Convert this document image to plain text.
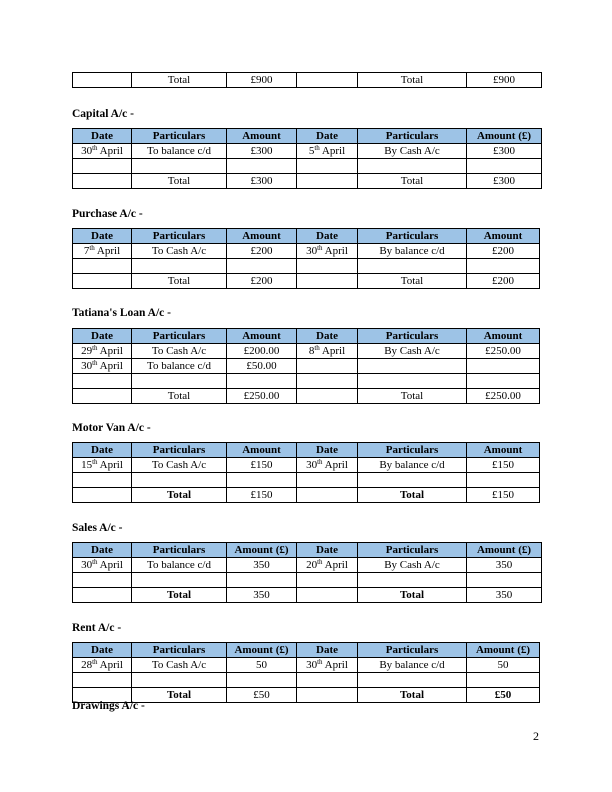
	Total	£900		Total	£900
Capital A/c -
Date	Particulars	Amount	Date	Particulars	Amount (£)
30th April	To balance c/d	£300	5th April	By Cash A/c	£300

	Total	£300		Total	£300
Purchase A/c -
Date	Particulars	Amount	Date	Particulars	Amount
7th April	To Cash A/c	£200	30th April	By balance c/d	£200

	Total	£200		Total	£200
Tatiana's Loan A/c -
Date	Particulars	Amount	Date	Particulars	Amount
29th April	To Cash A/c	£200.00	8th April	By Cash A/c	£250.00
30th April	To balance c/d	£50.00			

	Total	£250.00		Total	£250.00
Motor Van A/c -
Date	Particulars	Amount	Date	Particulars	Amount
15th April	To Cash A/c	£150	30th April	By balance c/d	£150

	Total	£150		Total	£150
Sales A/c -
Date	Particulars	Amount (£)	Date	Particulars	Amount (£)
30th April	To balance c/d	350	20th April	By Cash A/c	350

	Total	350		Total	350
Rent A/c -
Date	Particulars	Amount (£)	Date	Particulars	Amount (£)
28th April	To Cash A/c	50	30th April	By balance c/d	50

	Total	£50		Total	£50
Drawings A/c -
2
